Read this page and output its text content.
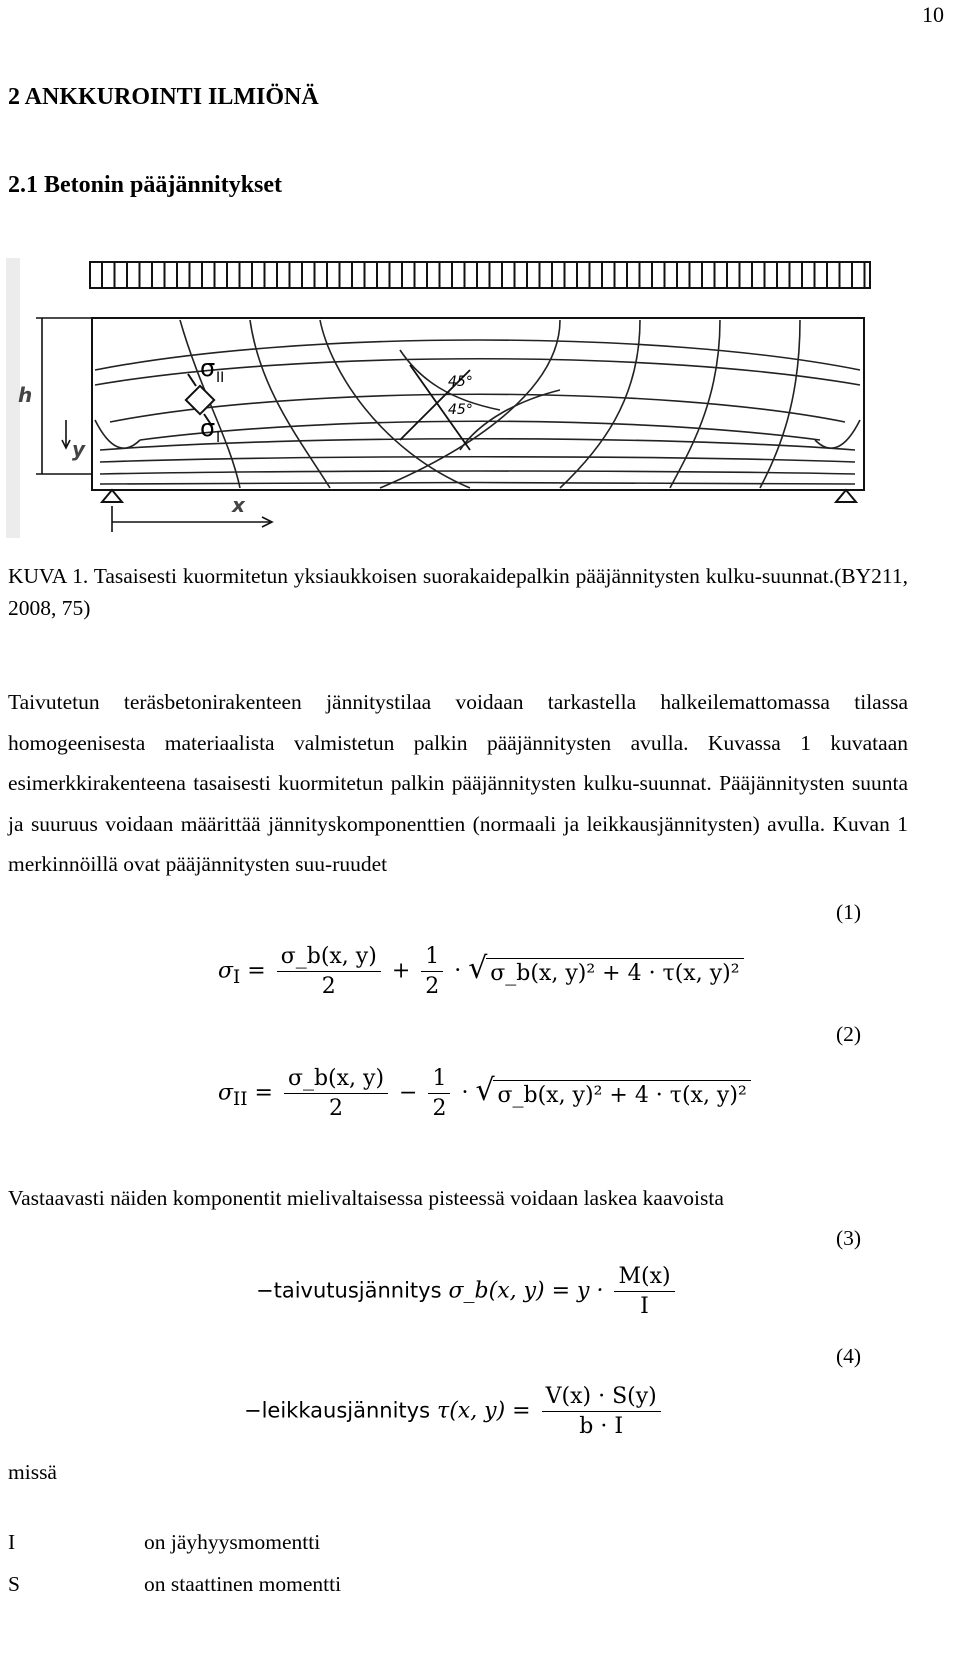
10
2 ANKKUROINTI ILMIÖNÄ
2.1 Betonin pääjännitykset
σ II
σ I
45°
45°
h
y
x
KUVA 1. Tasaisesti kuormitetun yksiaukkoisen suorakaidepalkin pääjännitysten kulku-suunnat.(BY211, 2008, 75)
Taivutetun teräsbetonirakenteen jännitystilaa voidaan tarkastella halkeilemattomassa tilassa homogeenisesta materiaalista valmistetun palkin pääjännitysten avulla. Kuvassa 1 kuvataan esimerkkirakenteena tasaisesti kuormitetun palkin pääjännitysten kulku-suunnat. Pääjännitysten suunta ja suuruus voidaan määrittää jännityskomponenttien (normaali ja leikkausjännitysten) avulla. Kuvan 1 merkinnöillä ovat pääjännitysten suu-ruudet
(1)
$\sigma_I = \frac{\sigma\_b(x, y)}{2} + \frac{1}{2}$ · √ σ_b(x, y)² + 4 · τ(x, y)²
(2)
$\sigma_{II} = \frac{\sigma\_b(x, y)}{2} - \frac{1}{2}$ · √ σ_b(x, y)² + 4 · τ(x, y)²
Vastaavasti näiden komponentit mielivaltaisessa pisteessä voidaan laskea kaavoista
(3)
−taivutusjännitys σ_b(x, $y) = y \cdot \frac{M(x)}{I}$
(4)
−leikkausjännitys τ(x, $y) = \frac{V(x) \cdot S(y)}{b \cdot I}$
missä
I	on jäyhyysmomentti
S	on staattinen momentti
